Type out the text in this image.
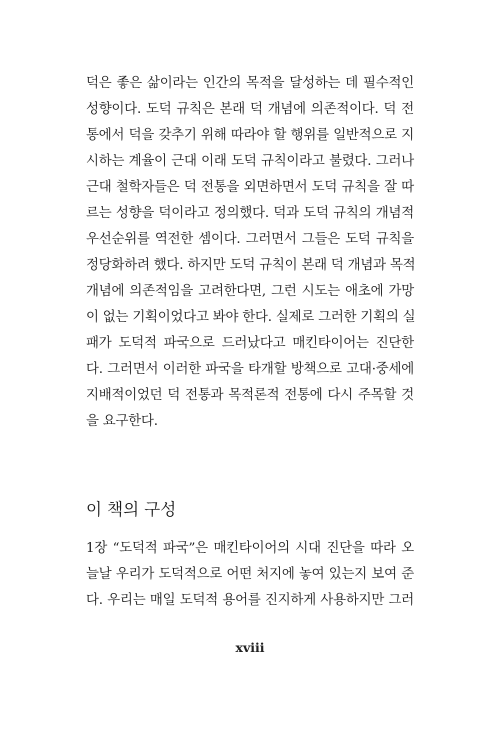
덕은 좋은 삶이라는 인간의 목적을 달성하는 데 필수적인
성향이다. 도덕 규칙은 본래 덕 개념에 의존적이다. 덕 전
통에서 덕을 갖추기 위해 따라야 할 행위를 일반적으로 지
시하는 계율이 근대 이래 도덕 규칙이라고 불렸다. 그러나
근대 철학자들은 덕 전통을 외면하면서 도덕 규칙을 잘 따
르는 성향을 덕이라고 정의했다. 덕과 도덕 규칙의 개념적
우선순위를 역전한 셈이다. 그러면서 그들은 도덕 규칙을
정당화하려 했다. 하지만 도덕 규칙이 본래 덕 개념과 목적
개념에 의존적임을 고려한다면, 그런 시도는 애초에 가망
이 없는 기획이었다고 봐야 한다. 실제로 그러한 기획의 실
패가 도덕적 파국으로 드러났다고 매킨타이어는 진단한
다. 그러면서 이러한 파국을 타개할 방책으로 고대·중세에
지배적이었던 덕 전통과 목적론적 전통에 다시 주목할 것
을 요구한다.
이 책의 구성
1장 “도덕적 파국”은 매킨타이어의 시대 진단을 따라 오
늘날 우리가 도덕적으로 어떤 처지에 놓여 있는지 보여 준
다. 우리는 매일 도덕적 용어를 진지하게 사용하지만 그러
xviii
